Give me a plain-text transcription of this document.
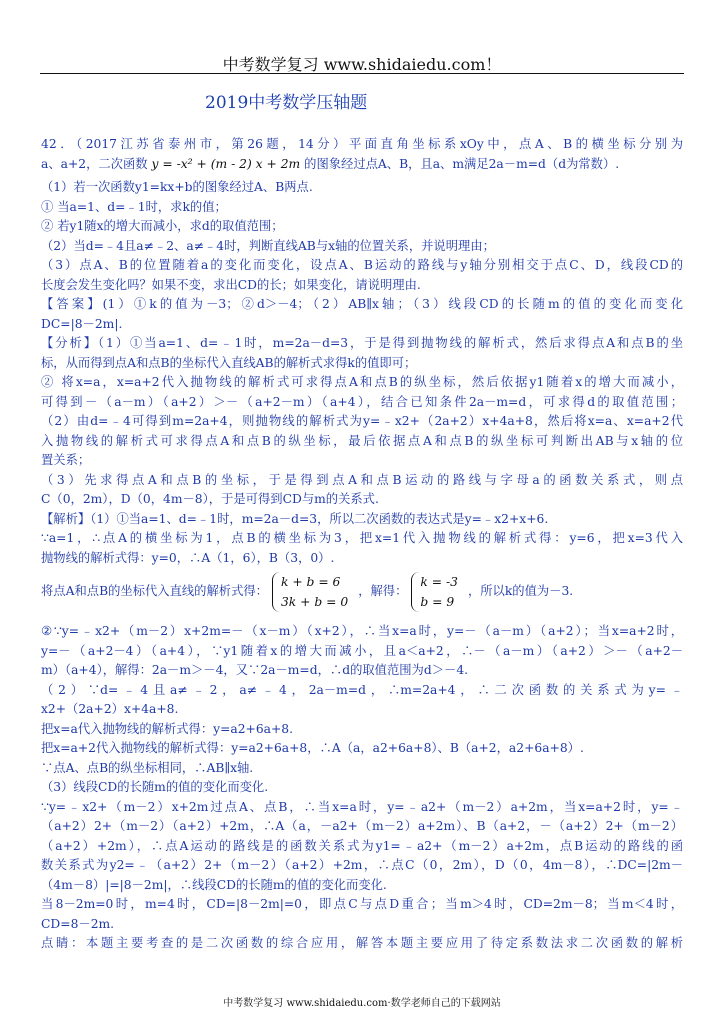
中考数学复习 www.shidaiedu.com！
2019中考数学压轴题

42．（2017江苏省泰州市，第26题，14分）平面直角坐标系xOy中，点A、B的横坐标分别为

a、a+2，二次函数 y = -x² + (m - 2) x + 2m 的图象经过点A、B，且a、m满足2a－m=d（d为常数）.

（1）若一次函数y1=kx+b的图象经过A、B两点.

① 当a=1、d=﹣1时，求k的值；

② 若y1随x的增大而减小，求d的取值范围；

（2）当d=﹣4且a≠﹣2、a≠﹣4时，判断直线AB与x轴的位置关系，并说明理由；

（3）点A、B的位置随着a的变化而变化，设点A、B运动的路线与y轴分别相交于点C、D，线段CD的

长度会发生变化吗？如果不变，求出CD的长；如果变化，请说明理由.

【答案】(1）①k的值为－3；②d＞－4；（2）AB∥x轴；（3）线段CD的长随m的值的变化而变化

DC=|8－2m|.

【分析】（1）①当a=1、d=﹣1时，m=2a－d=3，于是得到抛物线的解析式，然后求得点A和点B的坐

标，从而得到点A和点B的坐标代入直线AB的解析式求得k的值即可；

② 将x=a，x=a+2代入抛物线的解析式可求得点A和点B的纵坐标，然后依据y1随着x的增大而减小，

可得到－（a－m）（a+2）＞－（a+2－m）（a+4），结合已知条件2a－m=d，可求得d的取值范围；

（2）由d=﹣4可得到m=2a+4，则抛物线的解析式为y=﹣x2+（2a+2）x+4a+8，然后将x=a、x=a+2代

入抛物线的解析式可求得点A和点B的纵坐标，最后依据点A和点B的纵坐标可判断出AB与x轴的位

置关系；

（3）先求得点A和点B的坐标，于是得到点A和点B运动的路线与字母a的函数关系式，则点

C（0，2m），D（0，4m－8），于是可得到CD与m的关系式.

【解析】（1）①当a=1、d=﹣1时，m=2a－d=3，所以二次函数的表达式是y=﹣x2+x+6.

∵a=1，∴点A的横坐标为1，点B的横坐标为3，把x=1代入抛物线的解析式得：y=6，把x=3代入

抛物线的解析式得：y=0，∴A（1，6），B（3，0）.

将点A和点B的坐标代入直线的解析式得：
k + b = 6
3k + b = 0
，解得：
k = -3
b = 9
，所以k的值为－3.

②∵y=﹣x2+（m－2）x+2m=－（x－m）（x+2），∴当x=a时，y=－（a－m）（a+2）；当x=a+2时，

y=－（a+2－4）（a+4），∵y1随着x的增大而减小，且a＜a+2，∴－（a－m）（a+2）＞－（a+2－

m）（a+4），解得：2a－m＞－4，又∵2a－m=d，∴d的取值范围为d＞－4.

（2）∵d=﹣4且a≠﹣2，a≠﹣4，2a－m=d，∴m=2a+4，∴二次函数的关系式为y=﹣

x2+（2a+2）x+4a+8.

把x=a代入抛物线的解析式得：y=a2+6a+8.

把x=a+2代入抛物线的解析式得：y=a2+6a+8，∴A（a，a2+6a+8）、B（a+2，a2+6a+8）.

∵点A、点B的纵坐标相同，∴AB∥x轴.

（3）线段CD的长随m的值的变化而变化.

∵y=﹣x2+（m－2）x+2m过点A、点B，∴当x=a时，y=﹣a2+（m－2）a+2m，当x=a+2时，y=﹣

（a+2）2+（m－2）（a+2）+2m，∴A（a，－a2+（m－2）a+2m）、B（a+2，－（a+2）2+（m－2）

（a+2）+2m），∴点A运动的路线是的函数关系式为y1=﹣a2+（m－2）a+2m，点B运动的路线的函

数关系式为y2=﹣（a+2）2+（m－2）（a+2）+2m，∴点C（0，2m），D（0，4m－8），∴DC=|2m－

（4m－8）|=|8－2m|，∴线段CD的长随m的值的变化而变化.

当8－2m=0时，m=4时，CD=|8－2m|=0，即点C与点D重合；当m＞4时，CD=2m－8；当m＜4时，

CD=8－2m.

点睛：本题主要考查的是二次函数的综合应用，解答本题主要应用了待定系数法求二次函数的解析

中考数学复习 www.shidaiedu.com·数学老师自己的下载网站
